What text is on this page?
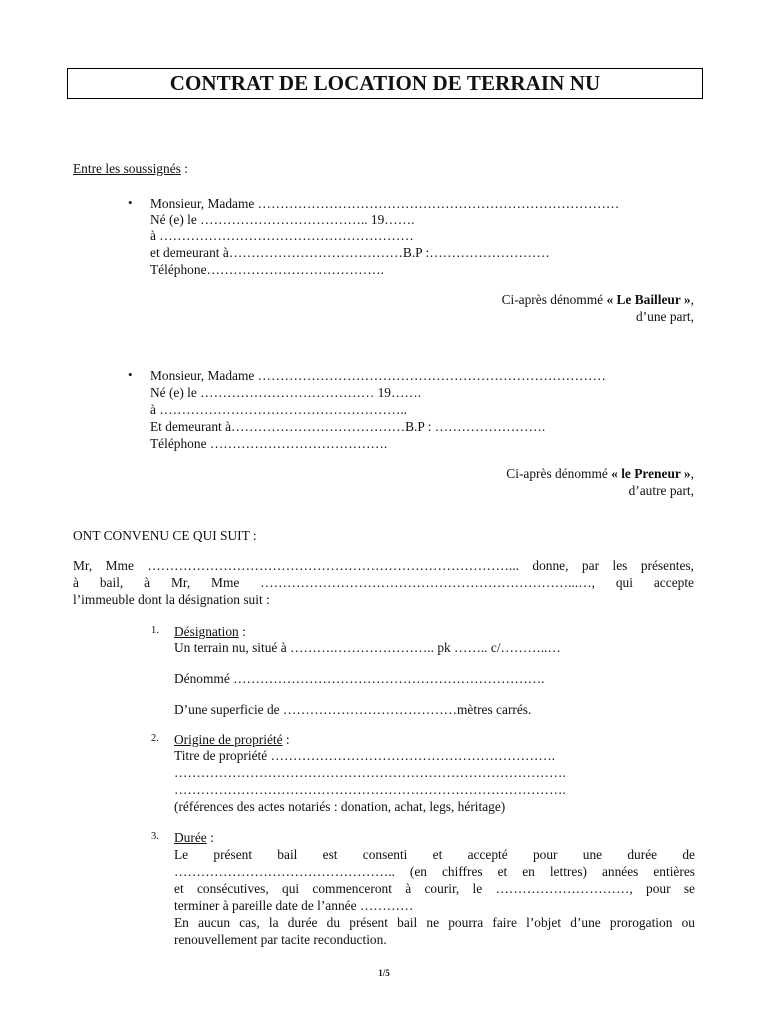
CONTRAT DE LOCATION DE TERRAIN NU
Entre les soussignés :
• Monsieur, Madame ………………………………………………………………………
Né (e) le ……………………………….. 19…….
à …………………………………………………
et demeurant à…………………………………B.P :………………………
Téléphone………………………………….
Ci-après dénommé « Le Bailleur »,
d’une part,
• Monsieur, Madame ……………………………………………………………………
Né (e) le ………………………………… 19…….
à ………………………………………………..
Et demeurant à…………………………………B.P : …………………….
Téléphone ………………………………….
Ci-après dénommé « le Preneur »,
d’autre part,
ONT CONVENU CE QUI SUIT :
Mr, Mme ………………………………………………………………………... donne, par les présentes,
à bail, à Mr, Mme ……………………………………………………………...…, qui accepte
l’immeuble dont la désignation suit :
1. Désignation :
Un terrain nu, situé à ……….………………….. pk …….. c/………..…
Dénommé …………………………………………………………….
D’une superficie de …………………………………mètres carrés.
2. Origine de propriété :
Titre de propriété ……………………………………………………….
…………………………………………………………………………….
…………………………………………………………………………….
(références des actes notariés : donation, achat, legs, héritage)
3. Durée :
Le présent bail est consenti et accepté pour une durée de
………………………………………….. (en chiffres et en lettres) années entières
et consécutives, qui commenceront à courir, le …………………………, pour se
terminer à pareille date de l’année …………
En aucun cas, la durée du présent bail ne pourra faire l’objet d’une prorogation ou
renouvellement par tacite reconduction.
1/5
